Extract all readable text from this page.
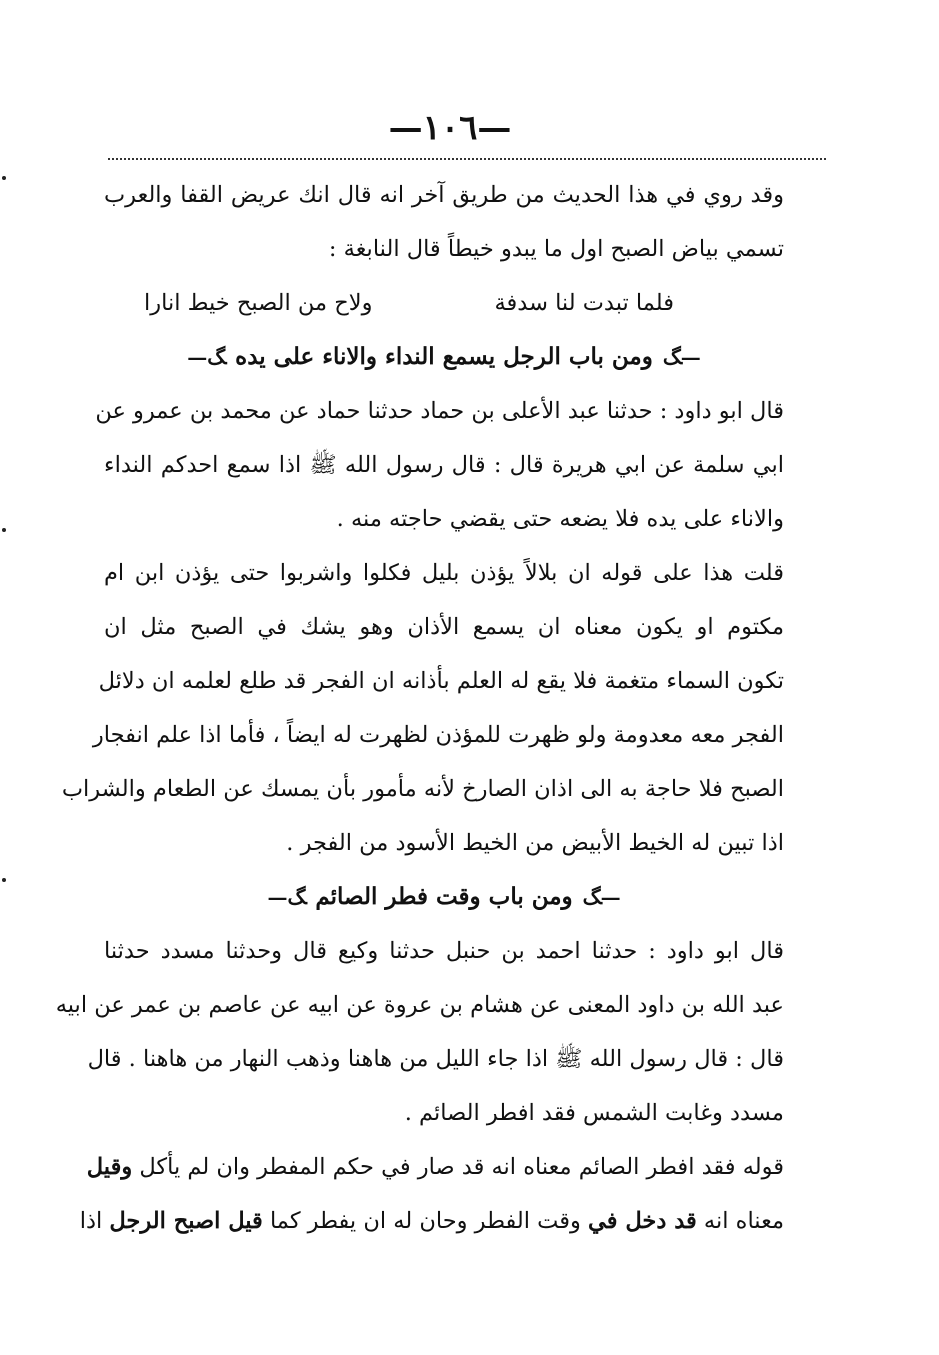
—١٠٦—
وقد روي في هذا الحديث من طريق آخر انه قال انك عريض القفا والعرب
تسمي بياض الصبح اول ما يبدو خيطاً قال النابغة :
فلما تبدت لنا سدفة
ولاح من الصبح خيط انارا
—ﮓ
ومن باب الرجل يسمع النداء والاناء على يده
ﮓ—
قال ابو داود : حدثنا عبد الأعلى بن حماد حدثنا حماد عن محمد بن عمرو عن
ابي سلمة عن ابي هريرة قال : قال رسول الله ﷺ اذا سمع احدكم النداء
والاناء على يده فلا يضعه حتى يقضي حاجته منه .
قلت هذا على قوله ان بلالاً يؤذن بليل فكلوا واشربوا حتى يؤذن ابن ام
مكتوم او يكون معناه ان يسمع الأذان وهو يشك في الصبح مثل ان
تكون السماء متغمة فلا يقع له العلم بأذانه ان الفجر قد طلع لعلمه ان دلائل
الفجر معه معدومة ولو ظهرت للمؤذن لظهرت له ايضاً ، فأما اذا علم انفجار
الصبح فلا حاجة به الى اذان الصارخ لأنه مأمور بأن يمسك عن الطعام والشراب
اذا تبين له الخيط الأبيض من الخيط الأسود من الفجر .
—ﮓ
ومن باب وقت فطر الصائم
ﮓ—
قال ابو داود : حدثنا احمد بن حنبل حدثنا وكيع قال وحدثنا مسدد حدثنا
عبد الله بن داود المعنى عن هشام بن عروة عن ابيه عن عاصم بن عمر عن ابيه
قال : قال رسول الله ﷺ اذا جاء الليل من هاهنا وذهب النهار من هاهنا . قال
مسدد وغابت الشمس فقد افطر الصائم .
قوله فقد افطر الصائم معناه انه قد صار في حكم المفطر وان لم يأكل وقيل
معناه انه قد دخل في وقت الفطر وحان له ان يفطر كما قيل اصبح الرجل اذا
